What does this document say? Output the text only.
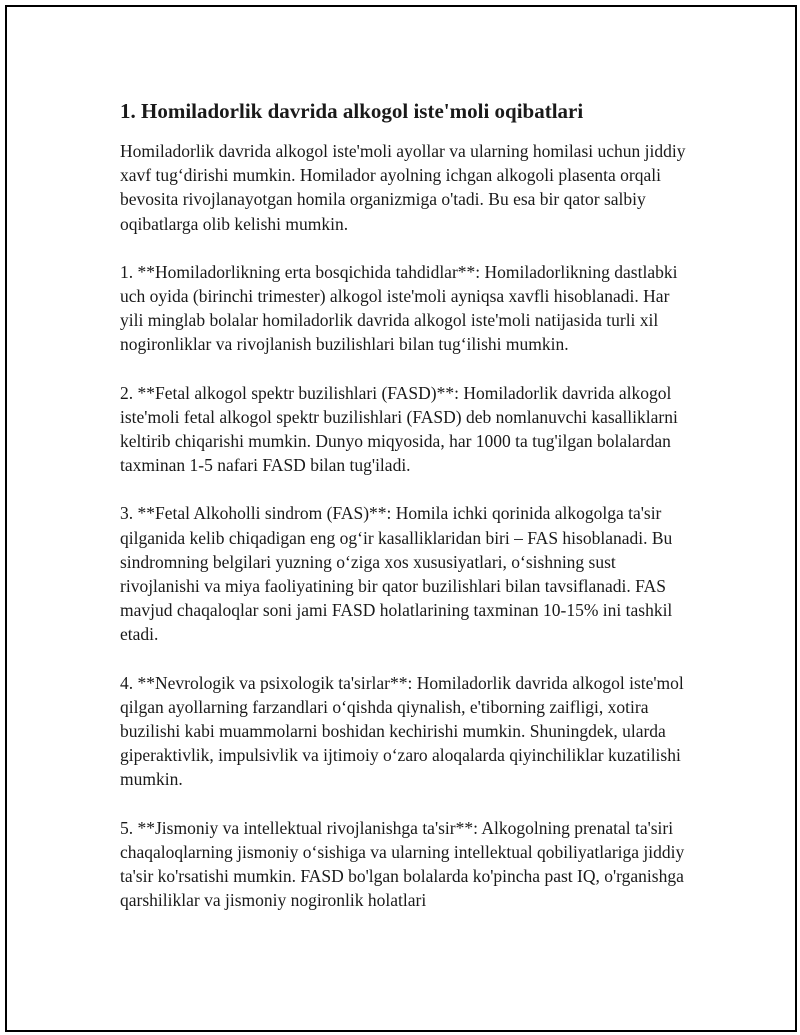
1. Homiladorlik davrida alkogol iste'moli oqibatlari

Homiladorlik davrida alkogol iste'moli ayollar va ularning homilasi uchun jiddiy xavf tug‘dirishi mumkin. Homilador ayolning ichgan alkogoli plasenta orqali bevosita rivojlanayotgan homila organizmiga o'tadi. Bu esa bir qator salbiy oqibatlarga olib kelishi mumkin.

1. **Homiladorlikning erta bosqichida tahdidlar**: Homiladorlikning dastlabki uch oyida (birinchi trimester) alkogol iste'moli ayniqsa xavfli hisoblanadi. Har yili minglab bolalar homiladorlik davrida alkogol iste'moli natijasida turli xil nogironliklar va rivojlanish buzilishlari bilan tug‘ilishi mumkin.

2. **Fetal alkogol spektr buzilishlari (FASD)**: Homiladorlik davrida alkogol iste'moli fetal alkogol spektr buzilishlari (FASD) deb nomlanuvchi kasalliklarni keltirib chiqarishi mumkin. Dunyo miqyosida, har 1000 ta tug'ilgan bolalardan taxminan 1-5 nafari FASD bilan tug'iladi.

3. **Fetal Alkoholli sindrom (FAS)**: Homila ichki qorinida alkogolga ta'sir qilganida kelib chiqadigan eng og‘ir kasalliklaridan biri – FAS hisoblanadi. Bu sindromning belgilari yuzning o‘ziga xos xususiyatlari, o‘sishning sust rivojlanishi va miya faoliyatining bir qator buzilishlari bilan tavsiflanadi. FAS mavjud chaqaloqlar soni jami FASD holatlarining taxminan 10-15% ini tashkil etadi.

4. **Nevrologik va psixologik ta'sirlar**: Homiladorlik davrida alkogol iste'mol qilgan ayollarning farzandlari o‘qishda qiynalish, e'tiborning zaifligi, xotira buzilishi kabi muammolarni boshidan kechirishi mumkin. Shuningdek, ularda giperaktivlik, impulsivlik va ijtimoiy o‘zaro aloqalarda qiyinchiliklar kuzatilishi mumkin.

5. **Jismoniy va intellektual rivojlanishga ta'sir**: Alkogolning prenatal ta'siri chaqaloqlarning jismoniy o‘sishiga va ularning intellektual qobiliyatlariga jiddiy ta'sir ko'rsatishi mumkin. FASD bo'lgan bolalarda ko'pincha past IQ, o'rganishga qarshiliklar va jismoniy nogironlik holatlari
